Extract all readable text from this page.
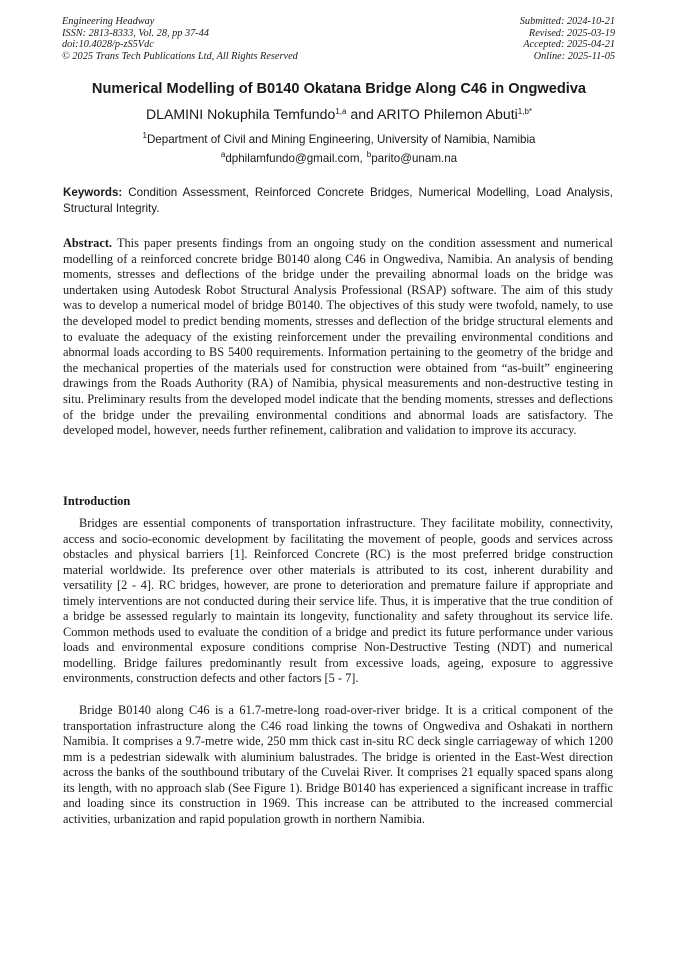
Engineering Headway
ISSN: 2813-8333, Vol. 28, pp 37-44
doi:10.4028/p-zS5Vdc
© 2025 Trans Tech Publications Ltd, All Rights Reserved
Submitted: 2024-10-21
Revised: 2025-03-19
Accepted: 2025-04-21
Online: 2025-11-05
Numerical Modelling of B0140 Okatana Bridge Along C46 in Ongwediva
DLAMINI Nokuphila Temfundo$^{1,a}$ and ARITO Philemon Abuti$^{1,b*}$
$^1$Department of Civil and Mining Engineering, University of Namibia, Namibia
$^a$dphilamfundo@gmail.com, $^b$parito@unam.na
Keywords: Condition Assessment, Reinforced Concrete Bridges, Numerical Modelling, Load Analysis, Structural Integrity.
Abstract. This paper presents findings from an ongoing study on the condition assessment and numerical modelling of a reinforced concrete bridge B0140 along C46 in Ongwediva, Namibia. An analysis of bending moments, stresses and deflections of the bridge under the prevailing abnormal loads on the bridge was undertaken using Autodesk Robot Structural Analysis Professional (RSAP) software. The aim of this study was to develop a numerical model of bridge B0140. The objectives of this study were twofold, namely, to use the developed model to predict bending moments, stresses and deflection of the bridge structural elements and to evaluate the adequacy of the existing reinforcement under the prevailing environmental conditions and abnormal loads according to BS 5400 requirements. Information pertaining to the geometry of the bridge and the mechanical properties of the materials used for construction were obtained from “as-built” engineering drawings from the Roads Authority (RA) of Namibia, physical measurements and non-destructive testing in situ. Preliminary results from the developed model indicate that the bending moments, stresses and deflections of the bridge under the prevailing environmental conditions and abnormal loads are satisfactory. The developed model, however, needs further refinement, calibration and validation to improve its accuracy.
Introduction

Bridges are essential components of transportation infrastructure. They facilitate mobility, connectivity, access and socio-economic development by facilitating the movement of people, goods and services across obstacles and physical barriers [1]. Reinforced Concrete (RC) is the most preferred bridge construction material worldwide. Its preference over other materials is attributed to its cost, inherent durability and versatility [2 - 4]. RC bridges, however, are prone to deterioration and premature failure if appropriate and timely interventions are not conducted during their service life. Thus, it is imperative that the true condition of a bridge be assessed regularly to maintain its longevity, functionality and safety throughout its service life. Common methods used to evaluate the condition of a bridge and predict its future performance under various loads and environmental exposure conditions comprise Non-Destructive Testing (NDT) and numerical modelling. Bridge failures predominantly result from excessive loads, ageing, exposure to aggressive environments, construction defects and other factors [5 - 7].

Bridge B0140 along C46 is a 61.7-metre-long road-over-river bridge. It is a critical component of the transportation infrastructure along the C46 road linking the towns of Ongwediva and Oshakati in northern Namibia. It comprises a 9.7-metre wide, 250 mm thick cast in-situ RC deck single carriageway of which 1200 mm is a pedestrian sidewalk with aluminium balustrades. The bridge is oriented in the East-West direction across the banks of the southbound tributary of the Cuvelai River. It comprises 21 equally spaced spans along its length, with no approach slab (See Figure 1). Bridge B0140 has experienced a significant increase in traffic and loading since its construction in 1969. This increase can be attributed to the increased commercial activities, urbanization and rapid population growth in northern Namibia.
